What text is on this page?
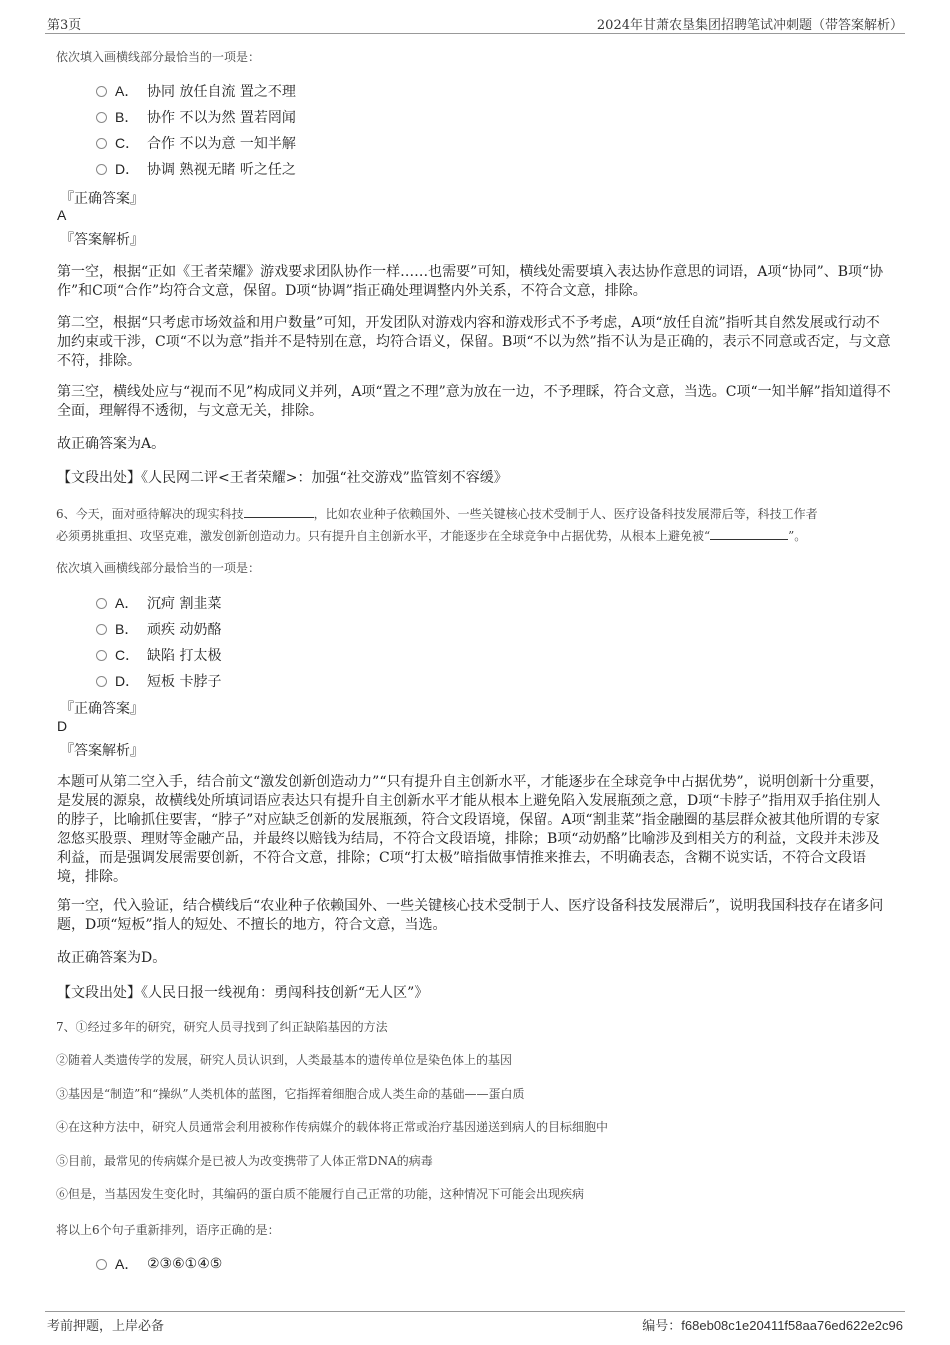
第3页	2024年甘萧农垦集团招聘笔试冲刺题（带答案解析）
依次填入画横线部分最恰当的一项是：
A． 协同 放任自流 置之不理
B． 协作 不以为然 置若罔闻
C． 合作 不以为意 一知半解
D． 协调 熟视无睹 听之任之
『正确答案』
A
『答案解析』
第一空，根据“正如《王者荣耀》游戏要求团队协作一样……也需要”可知，横线处需要填入表达协作意思的词语，A项“协同”、B项“协作”和C项“合作”均符合文意，保留。D项“协调”指正确处理调整内外关系，不符合文意，排除。
第二空，根据“只考虑市场效益和用户数量”可知，开发团队对游戏内容和游戏形式不予考虑，A项“放任自流”指听其自然发展或行动不加约束或干涉，C项“不以为意”指并不是特别在意，均符合语义，保留。B项“不以为然”指不认为是正确的，表示不同意或否定，与文意不符，排除。
第三空，横线处应与“视而不见”构成同义并列，A项“置之不理”意为放在一边，不予理睬，符合文意，当选。C项“一知半解”指知道得不全面，理解得不透彻，与文意无关，排除。
故正确答案为A。
【文段出处】《人民网二评<王者荣耀>：加强“社交游戏”监管刻不容缓》
6、今天，面对亟待解决的现实科技	，比如农业种子依赖国外、一些关键核心技术受制于人、医疗设备科技发展滞后等，科技工作者
必须勇挑重担、攻坚克难，激发创新创造动力。只有提升自主创新水平，才能逐步在全球竞争中占据优势，从根本上避免被“	”。
依次填入画横线部分最恰当的一项是：
A． 沉疴 割韭菜
B． 顽疾 动奶酪
C． 缺陷 打太极
D． 短板 卡脖子
『正确答案』
D
『答案解析』
本题可从第二空入手，结合前文“激发创新创造动力”“只有提升自主创新水平，才能逐步在全球竞争中占据优势”，说明创新十分重要，是发展的源泉，故横线处所填词语应表达只有提升自主创新水平才能从根本上避免陷入发展瓶颈之意，D项“卡脖子”指用双手掐住别人的脖子，比喻抓住要害，“脖子”对应缺乏创新的发展瓶颈，符合文段语境，保留。A项“割韭菜”指金融圈的基层群众被其他所谓的专家忽悠买股票、理财等金融产品，并最终以赔钱为结局，不符合文段语境，排除；B项“动奶酪”比喻涉及到相关方的利益，文段并未涉及利益，而是强调发展需要创新，不符合文意，排除；C项“打太极”暗指做事情推来推去，不明确表态，含糊不说实话，不符合文段语境，排除。
第一空，代入验证，结合横线后“农业种子依赖国外、一些关键核心技术受制于人、医疗设备科技发展滞后”，说明我国科技存在诸多问题，D项“短板”指人的短处、不擅长的地方，符合文意，当选。
故正确答案为D。
【文段出处】《人民日报一线视角：勇闯科技创新“无人区”》
7、①经过多年的研究，研究人员寻找到了纠正缺陷基因的方法
②随着人类遗传学的发展，研究人员认识到，人类最基本的遗传单位是染色体上的基因
③基因是“制造”和“操纵”人类机体的蓝图，它指挥着细胞合成人类生命的基础——蛋白质
④在这种方法中，研究人员通常会利用被称作传病媒介的载体将正常或治疗基因递送到病人的目标细胞中
⑤目前，最常见的传病媒介是已被人为改变携带了人体正常DNA的病毒
⑥但是，当基因发生变化时，其编码的蛋白质不能履行自己正常的功能，这种情况下可能会出现疾病
将以上6个句子重新排列，语序正确的是：
A． ②③⑥①④⑤
考前押题，上岸必备	编号：f68eb08c1e20411f58aa76ed622e2c96
